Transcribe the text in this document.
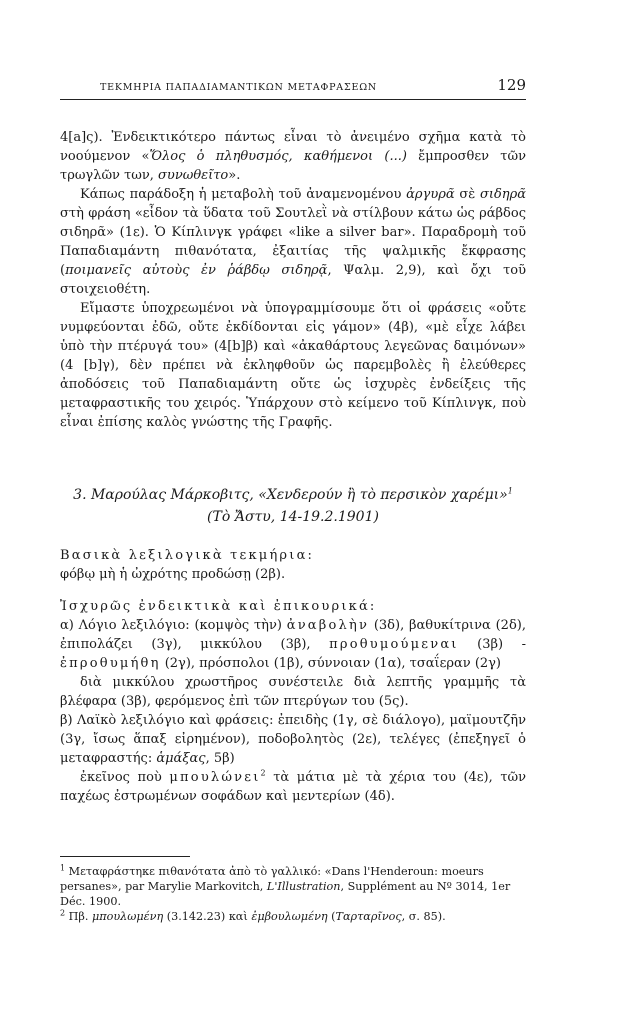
ΤΕΚΜΗΡΙΑ ΠΑΠΑΔΙΑΜΑΝΤΙΚΩΝ ΜΕΤΑΦΡΑΣΕΩΝ	129

4[a]ς). Ἐνδεικτικότερο πάντως εἶναι τὸ ἀνειμένο σχῆμα κατὰ τὸ νοούμενον «Ὅλος ὁ πληθυσμός, καθήμενοι (...) ἔμπροσθεν τῶν τρωγλῶν των, συνωθεῖτο».

Κάπως παράδοξη ἡ μεταβολὴ τοῦ ἀναμενομένου ἀργυρᾶ σὲ σιδηρᾶ στὴ φράση «εἶδον τὰ ὕδατα τοῦ Σουτλεῒ νὰ στίλβουν κάτω ὡς ράβδος σιδηρᾶ» (1ε). Ὁ Κίπλινγκ γράφει «like a silver bar». Παραδρομὴ τοῦ Παπαδιαμάντη πιθανότατα, ἐξαιτίας τῆς ψαλμικῆς ἔκφρασης (ποιμανεῖς αὐτοὺς ἐν ῥάβδῳ σιδηρᾷ, Ψαλμ. 2,9), καὶ ὄχι τοῦ στοιχειοθέτη.

Εἴμαστε ὑποχρεωμένοι νὰ ὑπογραμμίσουμε ὅτι οἱ φράσεις «οὔτε νυμφεύονται ἐδῶ, οὔτε ἐκδίδονται εἰς γάμον» (4β), «μὲ εἶχε λάβει ὑπὸ τὴν πτέρυγά του» (4[b]β) καὶ «ἀκαθάρτους λεγεῶνας δαιμόνων» (4 [b]γ), δὲν πρέπει νὰ ἐκληφθοῦν ὡς παρεμβολὲς ἢ ἐλεύθερες ἀποδόσεις τοῦ Παπαδιαμάντη οὔτε ὡς ἰσχυρὲς ἐνδείξεις τῆς μεταφραστικῆς του χειρός. Ὑπάρχουν στὸ κείμενο τοῦ Κίπλινγκ, ποὺ εἶναι ἐπίσης καλὸς γνώστης τῆς Γραφῆς.

3. Μαρούλας Μάρκοβιτς, «Χενδερούν ἢ τὸ περσικὸν χαρέμι»$^1$
(Τὸ Ἄστυ, 14-19.2.1901)
Βασικὰ λεξιλογικὰ τεκμήρια:
φόβῳ μὴ ἡ ὠχρότης προδώσῃ (2β).
Ἰσχυρῶς ἐνδεικτικὰ καὶ ἐπικουρικά:

α) Λόγιο λεξιλόγιο: (κομψὸς τὴν) ἀναβολὴν (3δ), βαθυκίτρινα (2δ), ἐπιπολάζει (3γ), μικκύλου (3β), προθυμούμεναι (3β) - ἐπροθυμήθη (2γ), πρόσπολοι (1β), σύννοιαν (1α), τσαΐεραν (2γ)

διὰ μικκύλου χρωστῆρος συνέστειλε διὰ λεπτῆς γραμμῆς τὰ βλέφαρα (3β), φερόμενος ἐπὶ τῶν πτερύγων του (5ς).

β) Λαϊκὸ λεξιλόγιο καὶ φράσεις: ἐπειδὴς (1γ, σὲ διάλογο), μαϊμουτζῆν (3γ, ἴσως ἅπαξ εἰρημένον), ποδοβολητὸς (2ε), τελέγες (ἐπεξηγεῖ ὁ μεταφραστής: ἁμάξας, 5β)

ἐκεῖνος ποὺ μπουλώνει$^2$ τὰ μάτια μὲ τὰ χέρια του (4ε), τῶν παχέως ἐστρωμένων σοφάδων καὶ μεντερίων (4δ).

$^1$ Μεταφράστηκε πιθανότατα ἀπὸ τὸ γαλλικό: «Dans l'Henderoun: moeurs persanes», par Marylie Markovitch, L'Illustration, Supplément au Nº 3014, 1er Déc. 1900.

$^2$ Πβ. μπουλωμένη (3.142.23) καὶ ἐμβουλωμένη (Ταρταρῖνος, σ. 85).
